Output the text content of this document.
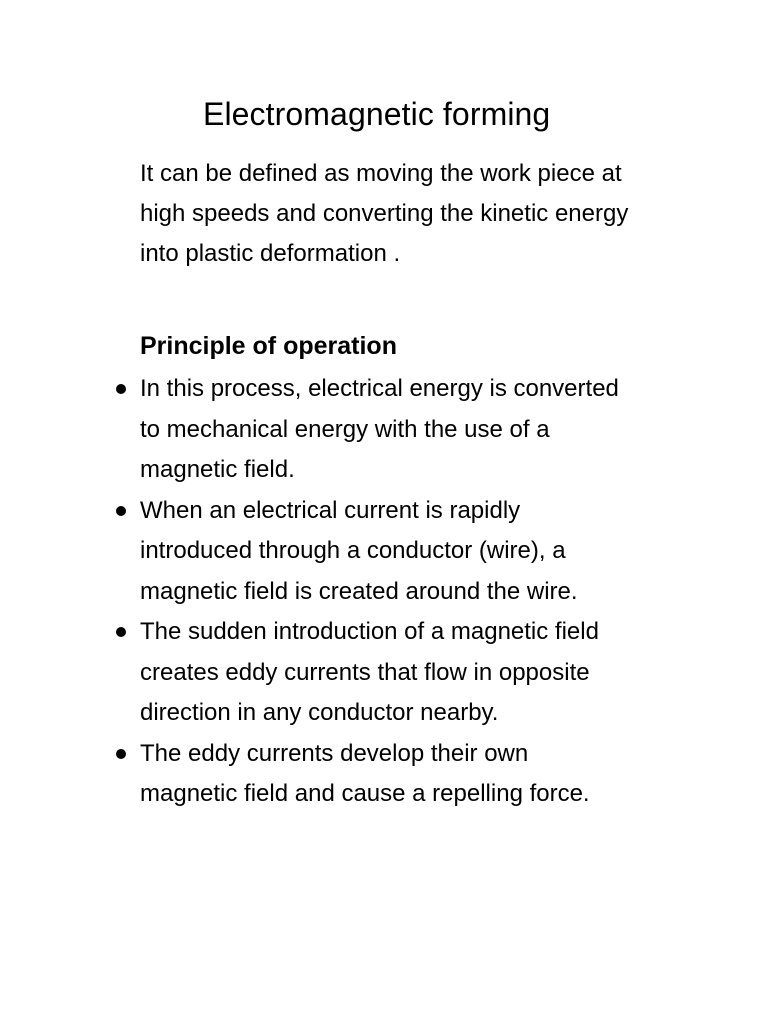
Electromagnetic forming
It can be defined as moving the work piece at
high speeds and converting the kinetic energy
into plastic deformation .
Principle of operation
In this process, electrical energy is converted
to mechanical energy with the use of a
magnetic field.
When an electrical current is rapidly
introduced through a conductor (wire), a
magnetic field is created around the wire.
The sudden introduction of a magnetic field
creates eddy currents that flow in opposite
direction in any conductor nearby.
The eddy currents develop their own
magnetic field and cause a repelling force.
